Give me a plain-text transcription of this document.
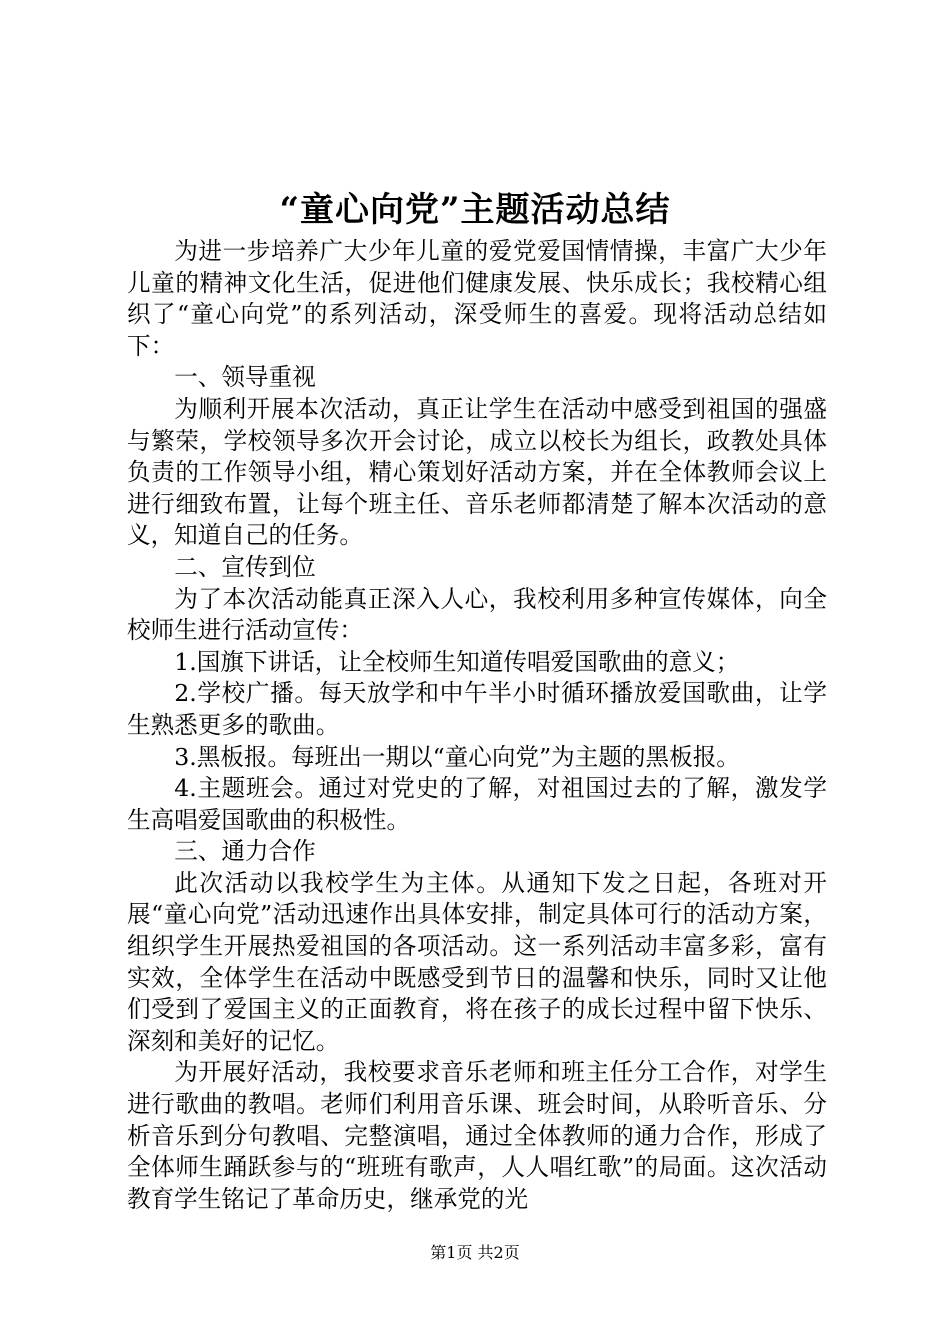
“童心向党”主题活动总结

为进一步培养广大少年儿童的爱党爱国情情操，丰富广大少年儿童的精神文化生活，促进他们健康发展、快乐成长；我校精心组织了“童心向党”的系列活动，深受师生的喜爱。现将活动总结如下：

一、领导重视

为顺利开展本次活动，真正让学生在活动中感受到祖国的强盛与繁荣，学校领导多次开会讨论，成立以校长为组长，政教处具体负责的工作领导小组，精心策划好活动方案，并在全体教师会议上进行细致布置，让每个班主任、音乐老师都清楚了解本次活动的意义，知道自己的任务。

二、宣传到位

为了本次活动能真正深入人心，我校利用多种宣传媒体，向全校师生进行活动宣传：

1.国旗下讲话，让全校师生知道传唱爱国歌曲的意义；

2.学校广播。每天放学和中午半小时循环播放爱国歌曲，让学生熟悉更多的歌曲。

3.黑板报。每班出一期以“童心向党”为主题的黑板报。

4.主题班会。通过对党史的了解，对祖国过去的了解，激发学生高唱爱国歌曲的积极性。

三、通力合作

此次活动以我校学生为主体。从通知下发之日起，各班对开展“童心向党”活动迅速作出具体安排，制定具体可行的活动方案，组织学生开展热爱祖国的各项活动。这一系列活动丰富多彩，富有实效，全体学生在活动中既感受到节日的温馨和快乐，同时又让他们受到了爱国主义的正面教育，将在孩子的成长过程中留下快乐、深刻和美好的记忆。

为开展好活动，我校要求音乐老师和班主任分工合作，对学生进行歌曲的教唱。老师们利用音乐课、班会时间，从聆听音乐、分析音乐到分句教唱、完整演唱，通过全体教师的通力合作，形成了全体师生踊跃参与的“班班有歌声，人人唱红歌”的局面。这次活动教育学生铭记了革命历史，继承党的光

第1页 共2页
